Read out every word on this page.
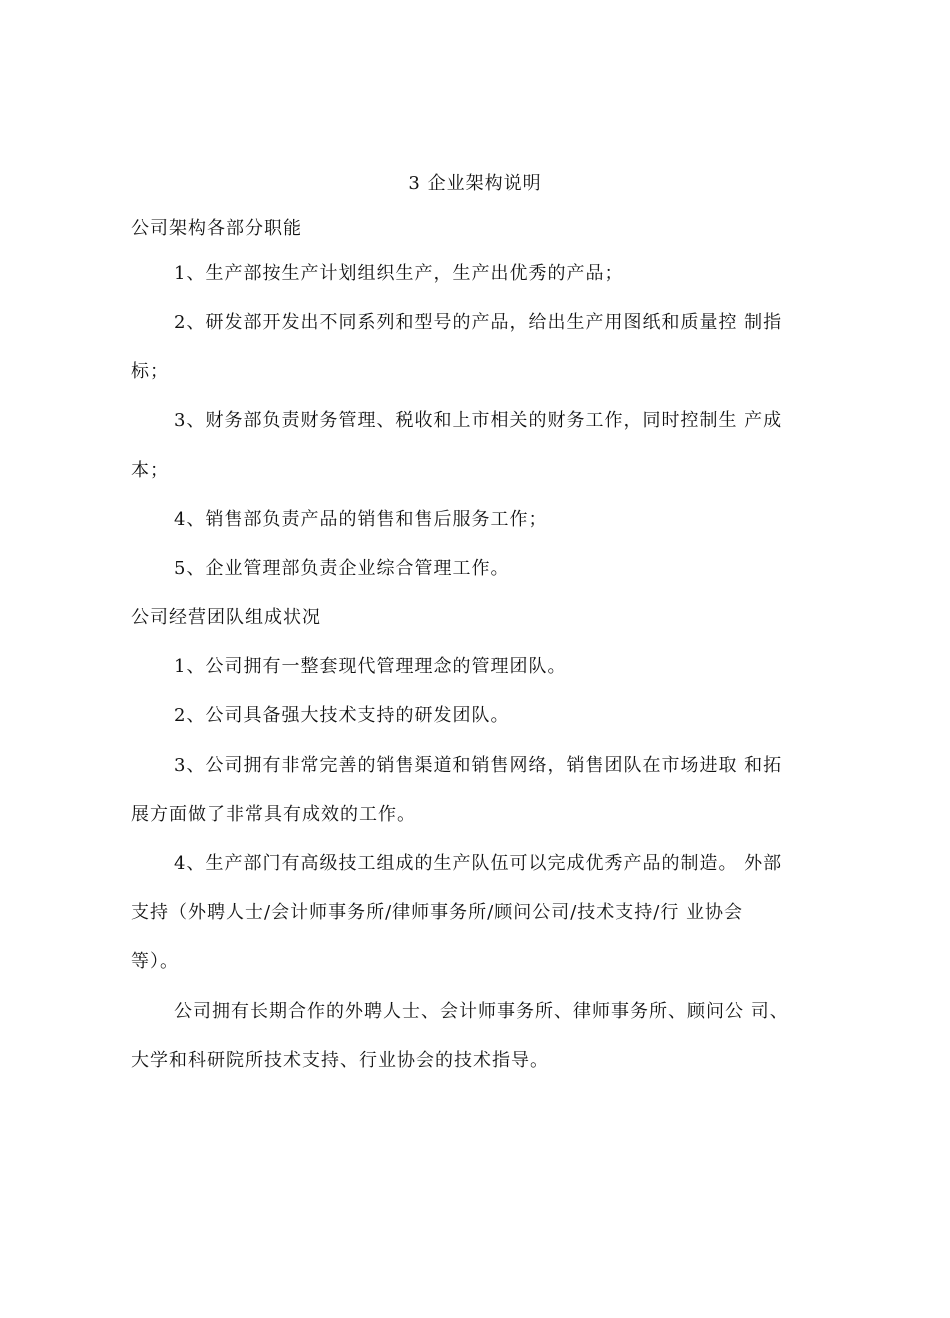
3 企业架构说明
公司架构各部分职能
1、生产部按生产计划组织生产，生产出优秀的产品；
2、研发部开发出不同系列和型号的产品，给出生产用图纸和质量控 制指
标；
3、财务部负责财务管理、税收和上市相关的财务工作，同时控制生 产成
本；
4、销售部负责产品的销售和售后服务工作；
5、企业管理部负责企业综合管理工作。
公司经营团队组成状况
1、公司拥有一整套现代管理理念的管理团队。
2、公司具备强大技术支持的研发团队。
3、公司拥有非常完善的销售渠道和销售网络，销售团队在市场进取 和拓
展方面做了非常具有成效的工作。
4、生产部门有高级技工组成的生产队伍可以完成优秀产品的制造。 外部
支持（外聘人士/会计师事务所/律师事务所/顾问公司/技术支持/行 业协会
等）。
公司拥有长期合作的外聘人士、会计师事务所、律师事务所、顾问公 司、
大学和科研院所技术支持、行业协会的技术指导。
